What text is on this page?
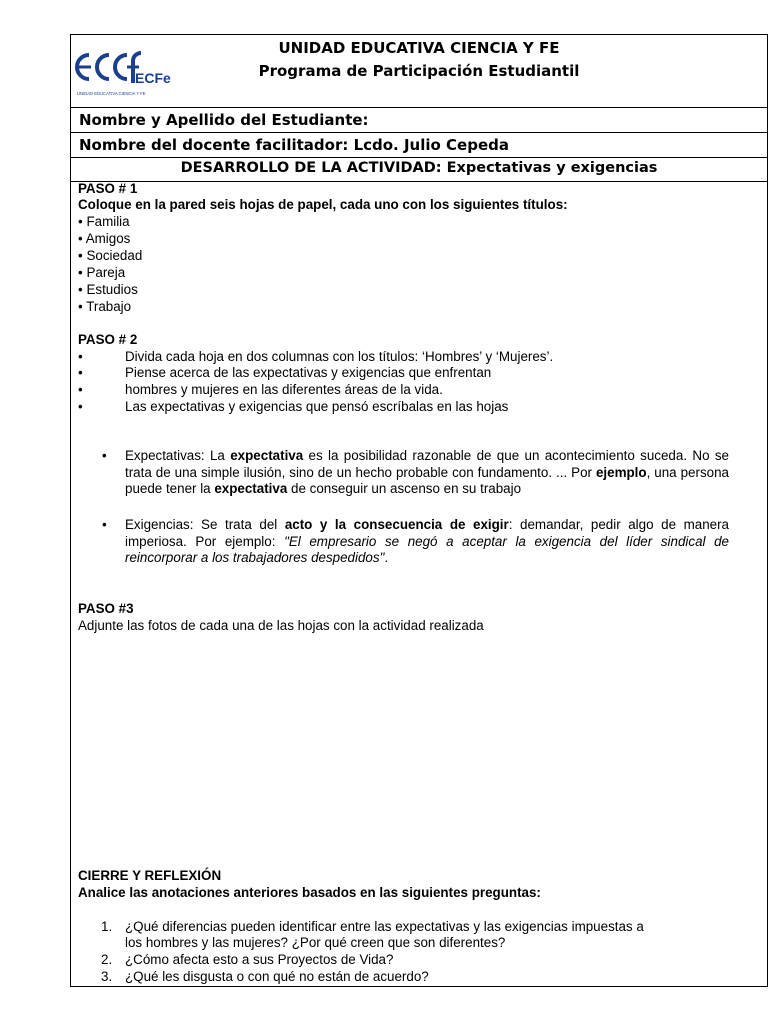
ECFe
UNIDAD EDUCATIVA CIENCIA Y FE
UNIDAD EDUCATIVA CIENCIA Y FE
Programa de Participación Estudiantil
Nombre y Apellido del Estudiante:
Nombre del docente facilitador: Lcdo. Julio Cepeda
DESARROLLO DE LA ACTIVIDAD: Expectativas y exigencias
PASO # 1
Coloque en la pared seis hojas de papel, cada uno con los siguientes títulos:
• Familia
• Amigos
• Sociedad
• Pareja
• Estudios
• Trabajo
PASO # 2
•	Divida cada hoja en dos columnas con los títulos: ‘Hombres’ y ‘Mujeres’.
•	Piense acerca de las expectativas y exigencias que enfrentan
•	hombres y mujeres en las diferentes áreas de la vida.
•	Las expectativas y exigencias que pensó escríbalas en las hojas
• Expectativas: La expectativa es la posibilidad razonable de que un acontecimiento suceda. No se trata de una simple ilusión, sino de un hecho probable con fundamento. ... Por ejemplo, una persona puede tener la expectativa de conseguir un ascenso en su trabajo
• Exigencias: Se trata del acto y la consecuencia de exigir: demandar, pedir algo de manera imperiosa. Por ejemplo: "El empresario se negó a aceptar la exigencia del líder sindical de reincorporar a los trabajadores despedidos".
PASO #3
Adjunte las fotos de cada una de las hojas con la actividad realizada
CIERRE Y REFLEXIÓN
Analice las anotaciones anteriores basados en las siguientes preguntas:
1. ¿Qué diferencias pueden identificar entre las expectativas y las exigencias impuestas a
los hombres y las mujeres? ¿Por qué creen que son diferentes?
2. ¿Cómo afecta esto a sus Proyectos de Vida?
3. ¿Qué les disgusta o con qué no están de acuerdo?
